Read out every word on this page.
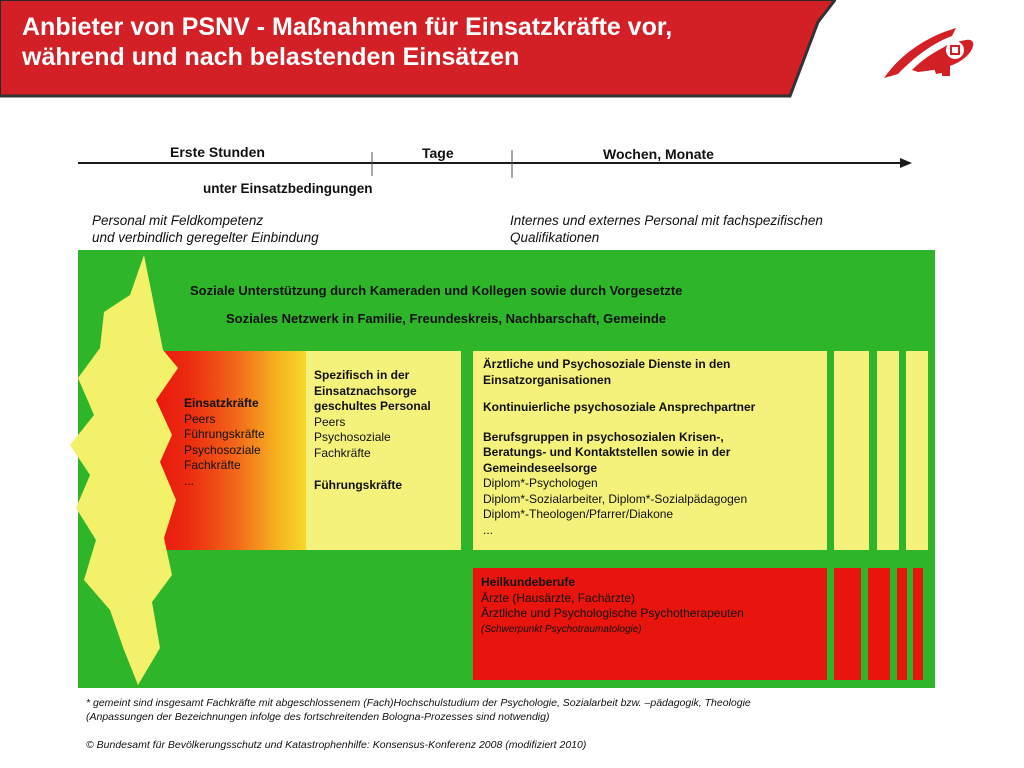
Anbieter von PSNV - Maßnahmen für Einsatzkräfte vor,
während und nach belastenden Einsätzen
Erste Stunden	Tage	Wochen, Monate
unter Einsatzbedingungen
Personal mit Feldkompetenz
und verbindlich geregelter Einbindung
Internes und externes Personal mit fachspezifischen
Qualifikationen
Soziale Unterstützung durch Kameraden und Kollegen sowie durch Vorgesetzte
Soziales Netzwerk in Familie, Freundeskreis, Nachbarschaft, Gemeinde
Einsatzkräfte
Peers
Führungskräfte
Psychosoziale
Fachkräfte
...
Spezifisch in der
Einsatznachsorge
geschultes Personal
Peers
Psychosoziale
Fachkräfte
Führungskräfte
Ärztliche und Psychosoziale Dienste in den
Einsatzorganisationen
Kontinuierliche psychosoziale Ansprechpartner
Berufsgruppen in psychosozialen Krisen-,
Beratungs- und Kontaktstellen sowie in der
Gemeindeseelsorge
Diplom*-Psychologen
Diplom*-Sozialarbeiter, Diplom*-Sozialpädagogen
Diplom*-Theologen/Pfarrer/Diakone
...
Heilkundeberufe
Ärzte (Hausärzte, Fachärzte)
Ärztliche und Psychologische Psychotherapeuten
(Schwerpunkt Psychotraumatologie)
* gemeint sind insgesamt Fachkräfte mit abgeschlossenem (Fach)Hochschulstudium der Psychologie, Sozialarbeit bzw. –pädagogik, Theologie
(Anpassungen der Bezeichnungen infolge des fortschreitenden Bologna-Prozesses sind notwendig)
© Bundesamt für Bevölkerungsschutz und Katastrophenhilfe: Konsensus-Konferenz 2008 (modifiziert 2010)
